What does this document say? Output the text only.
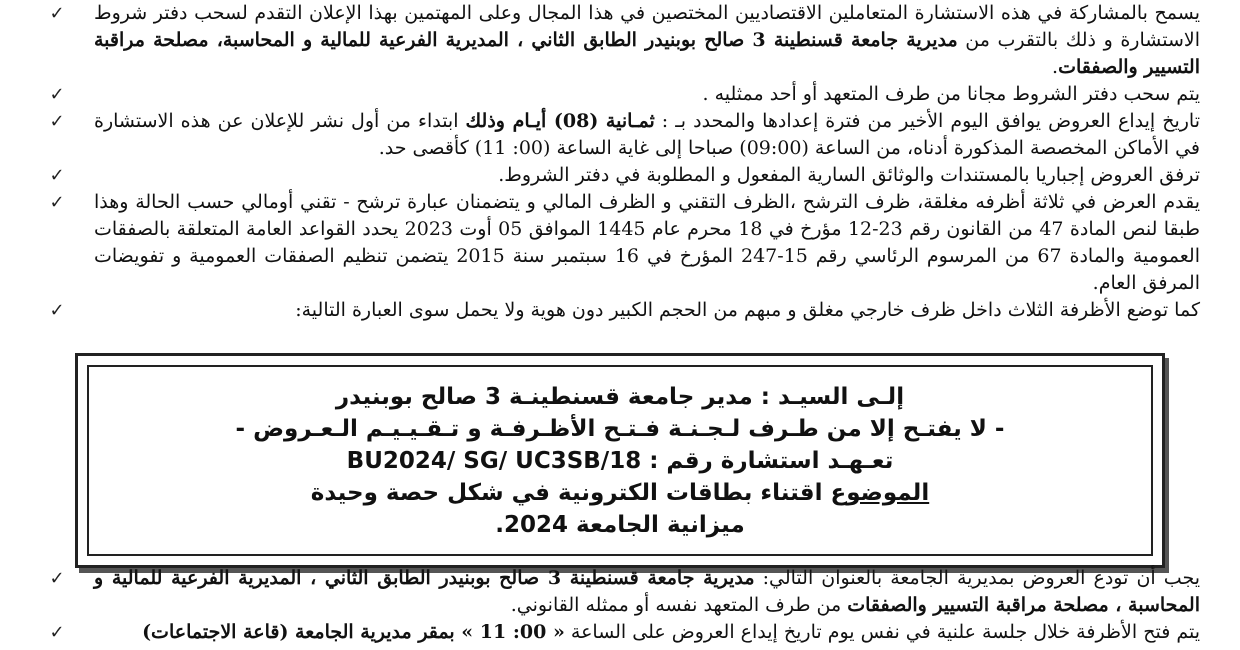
✓	يسمح بالمشاركة في هذه الاستشارة المتعاملين الاقتصاديين المختصين في هذا المجال وعلى المهتمين بهذا الإعلان التقدم لسحب دفتر شروط الاستشارة و ذلك بالتقرب من مديرية جامعة قسنطينة 3 صالح بوبنيدر الطابق الثاني ، المديرية الفرعية للمالية و المحاسبة، مصلحة مراقبة التسيير والصفقات.
✓	يتم سحب دفتر الشروط مجانا من طرف المتعهد أو أحد ممثليه .
✓	تاريخ إيداع العروض يوافق اليوم الأخير من فترة إعدادها والمحدد بـ : ثمـانية (08) أيـام وذلك ابتداء من أول نشر للإعلان عن هذه الاستشارة في الأماكن المخصصة المذكورة أدناه، من الساعة (09:00) صباحا إلى غاية الساعة (00: 11) كأقصى حد.
✓	ترفق العروض إجباريا بالمستندات والوثائق السارية المفعول و المطلوبة في دفتر الشروط.
✓	يقدم العرض في ثلاثة أظرفه مغلقة، ظرف الترشح ،الظرف التقني و الظرف المالي و يتضمنان عبارة ترشح - تقني أومالي حسب الحالة وهذا طبقا لنص المادة 47 من القانون رقم 23-12 مؤرخ في 18 محرم عام 1445 الموافق 05 أوت 2023 يحدد القواعد العامة المتعلقة بالصفقات العمومية والمادة 67 من المرسوم الرئاسي رقم 15-247 المؤرخ في 16 سبتمبر سنة 2015 يتضمن تنظيم الصفقات العمومية و تفويضات المرفق العام.
✓	كما توضع الأظرفة الثلاث داخل ظرف خارجي مغلق و مبهم من الحجم الكبير دون هوية ولا يحمل سوى العبارة التالية:
إلـى السيـد : مدير جامعة قسنطينـة 3 صالح بوبنيدر
- لا يفتـح إلا من طـرف لـجـنـة فـتـح الأظـرفـة و تـقـيـيـم الـعـروض -
تعـهـد استشارة رقم : BU2024/ SG/ UC3SB/18
الموضوع اقتناء بطاقات الكترونية في شكل حصة وحيدة
ميزانية الجامعة 2024.
✓	يجب أن تودع العروض بمديرية الجامعة بالعنوان التالي: مديرية جامعة قسنطينة 3 صالح بوبنيدر الطابق الثاني ، المديرية الفرعية للمالية و المحاسبة ، مصلحة مراقبة التسيير والصفقات من طرف المتعهد نفسه أو ممثله القانوني.
✓	يتم فتح الأظرفة خلال جلسة علنية في نفس يوم تاريخ إيداع العروض على الساعة « 00: 11 » بمقر مديرية الجامعة (قاعة الاجتماعات)
